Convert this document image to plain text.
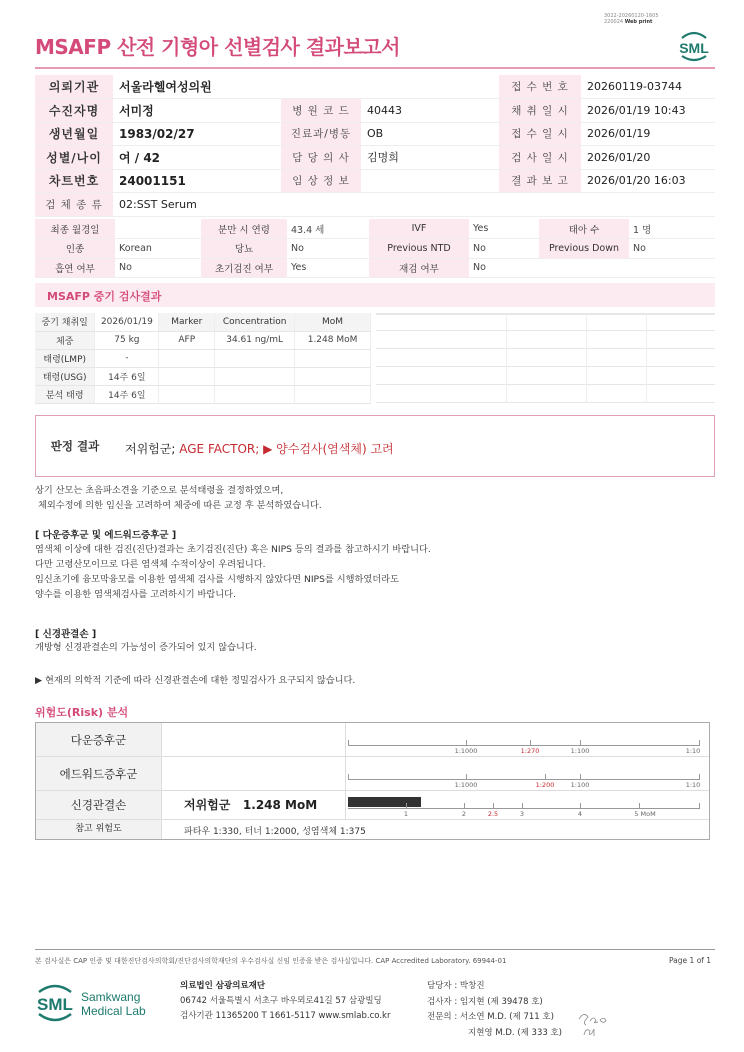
3022-20260120-1605
220024 Web print
MSAFP 산전 기형아 선별검사 결과보고서	SML
의뢰기관	서울라헬여성의원			접 수 번 호	20260119-03744
수진자명	서미정	병 원 코 드	40443	채 취 일 시	2026/01/19 10:43
생년월일	1983/02/27	진료과/병동	OB	접 수 일 시	2026/01/19
성별/나이	여 / 42	담 당 의 사	김명희	검 사 일 시	2026/01/20
차트번호	24001151	임 상 정 보		결 과 보 고	2026/01/20 16:03
검 체 종 류	02:SST Serum				
최종 월경일		분만 시 연령	43.4 세	IVF	Yes	태아 수	1 명
인종	Korean	당뇨	No	Previous NTD	No	Previous Down	No
흡연 여부	No	초기검진 여부	Yes	재검 여부	No		
MSAFP 중기 검사결과
중기 채취일	2026/01/19	Marker	Concentration	MoM
체중	75 kg	AFP	34.61 ng/mL	1.248 MoM
태령(LMP)	-			
태령(USG)	14주 6일			
분석 태령	14주 6일			
판정 결과	저위험군; AGE FACTOR; ▶ 양수검사(염색체) 고려
상기 산모는 초음파소견을 기준으로 분석태령을 결정하였으며,
체외수정에 의한 임신을 고려하여 체중에 따른 교정 후 분석하였습니다.
[ 다운증후군 및 에드워드증후군 ]
염색체 이상에 대한 검진(진단)결과는 초기검진(진단) 혹은 NIPS 등의 결과를 참고하시기 바랍니다.
다만 고령산모이므로 다른 염색체 수적이상이 우려됩니다.
임신초기에 융모막융모를 이용한 염색체 검사를 시행하지 않았다면 NIPS를 시행하였더라도
양수를 이용한 염색체검사를 고려하시기 바랍니다.
[ 신경관결손 ]
개방형 신경관결손의 가능성이 증가되어 있지 않습니다.
▶ 현재의 의학적 기준에 따라 신경관결손에 대한 정밀검사가 요구되지 않습니다.
위험도(Risk) 분석
다운증후군
1:1000	1:270	1:100	1:10
에드워드증후군
1:1000	1:200	1:100	1:10
신경관결손	저위험군 1.248 MoM
1	2	2.5	3	4	5 MoM
참고 위험도	파타우 1:330, 터너 1:2000, 성염색체 1:375
본 검사실은 CAP 인증 및 대한진단검사의학회/진단검사의학재단의 우수검사실 신임 인증을 받은 검사실입니다. CAP Accredited Laboratory. 69944-01	Page 1 of 1
SML Samkwang
Medical Lab
의료법인 삼광의료재단
06742 서울특별시 서초구 바우뫼로41길 57 삼광빌딩
검사기관 11365200 T 1661-5117 www.smlab.co.kr
담당자 : 박창진
검사자 : 임지현 (제 39478 호)
전문의 : 서소연 M.D. (제 711 호)
지현영 M.D. (제 333 호)
